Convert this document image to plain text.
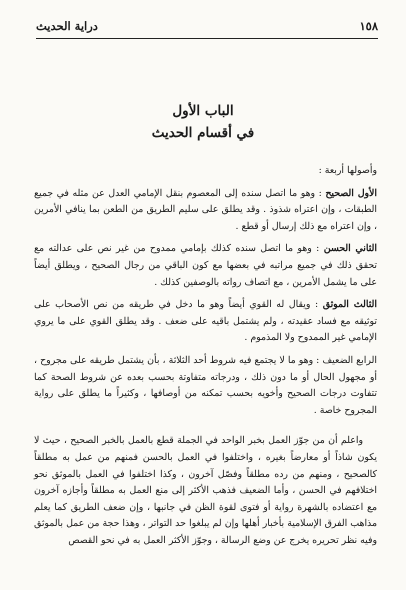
١٥٨
دراية الحديث
الباب الأول
في أقسام الحديث

وأصولها أربعة :

الأول الصحيح : وهو ما اتصل سنده إلى المعصوم بنقل الإمامي العدل عن مثله في جميع الطبقات ، وإن اعتراه شذوذ . وقد يطلق على سليم الطريق من الطعن بما ينافي الأمرين ، وإن اعتراه مع ذلك إرسال أو قطع .

الثاني الحسن : وهو ما اتصل سنده كذلك بإمامي ممدوح من غير نص على عدالته مع تحقق ذلك في جميع مراتبه في بعضها مع كون الباقي من رجال الصحيح ، ويطلق أيضاً على ما يشمل الأمرين ، مع اتصاف رواته بالوصفين كذلك .

الثالث الموثق : ويقال له القوي أيضاً وهو ما دخل في طريقه من نص الأصحاب على توثيقه مع فساد عقيدته ، ولم يشتمل باقيه على ضعف . وقد يطلق القوي على ما يروي الإمامي غير الممدوح ولا المذموم .

الرابع الضعيف : وهو ما لا يجتمع فيه شروط أحد الثلاثة ، بأن يشتمل طريقه على مجروح ، أو مجهول الحال أو ما دون ذلك ، ودرجاته متفاوتة بحسب بعده عن شروط الصحة كما تتفاوت درجات الصحيح وأخويه بحسب تمكنه من أوصافها ، وكثيراً ما يطلق على رواية المجروح خاصة .

واعلم أن من جوّز العمل بخبر الواحد في الجملة قطع بالعمل بالخبر الصحيح ، حيث لا يكون شاذاً أو معارضاً بغيره ، واختلفوا في العمل بالحسن فمنهم من عمل به مطلقاً كالصحيح ، ومنهم من رده مطلقاً وفصّل آخرون ، وكذا اختلفوا في العمل بالموثق نحو اختلافهم في الحسن ، وأما الضعيف فذهب الأكثر إلى منع العمل به مطلقاً وأجازه آخرون مع اعتضاده بالشهرة رواية أو فتوى لقوة الظن في جانبها ، وإن ضعف الطريق كما يعلم مذاهب الفرق الإسلامية بأخبار أهلها وإن لم يبلغوا حد التواتر ، وهذا حجة من عمل بالموثق وفيه نظر تحريره يخرج عن وضع الرسالة ، وجوّز الأكثر العمل به في نحو القصص
